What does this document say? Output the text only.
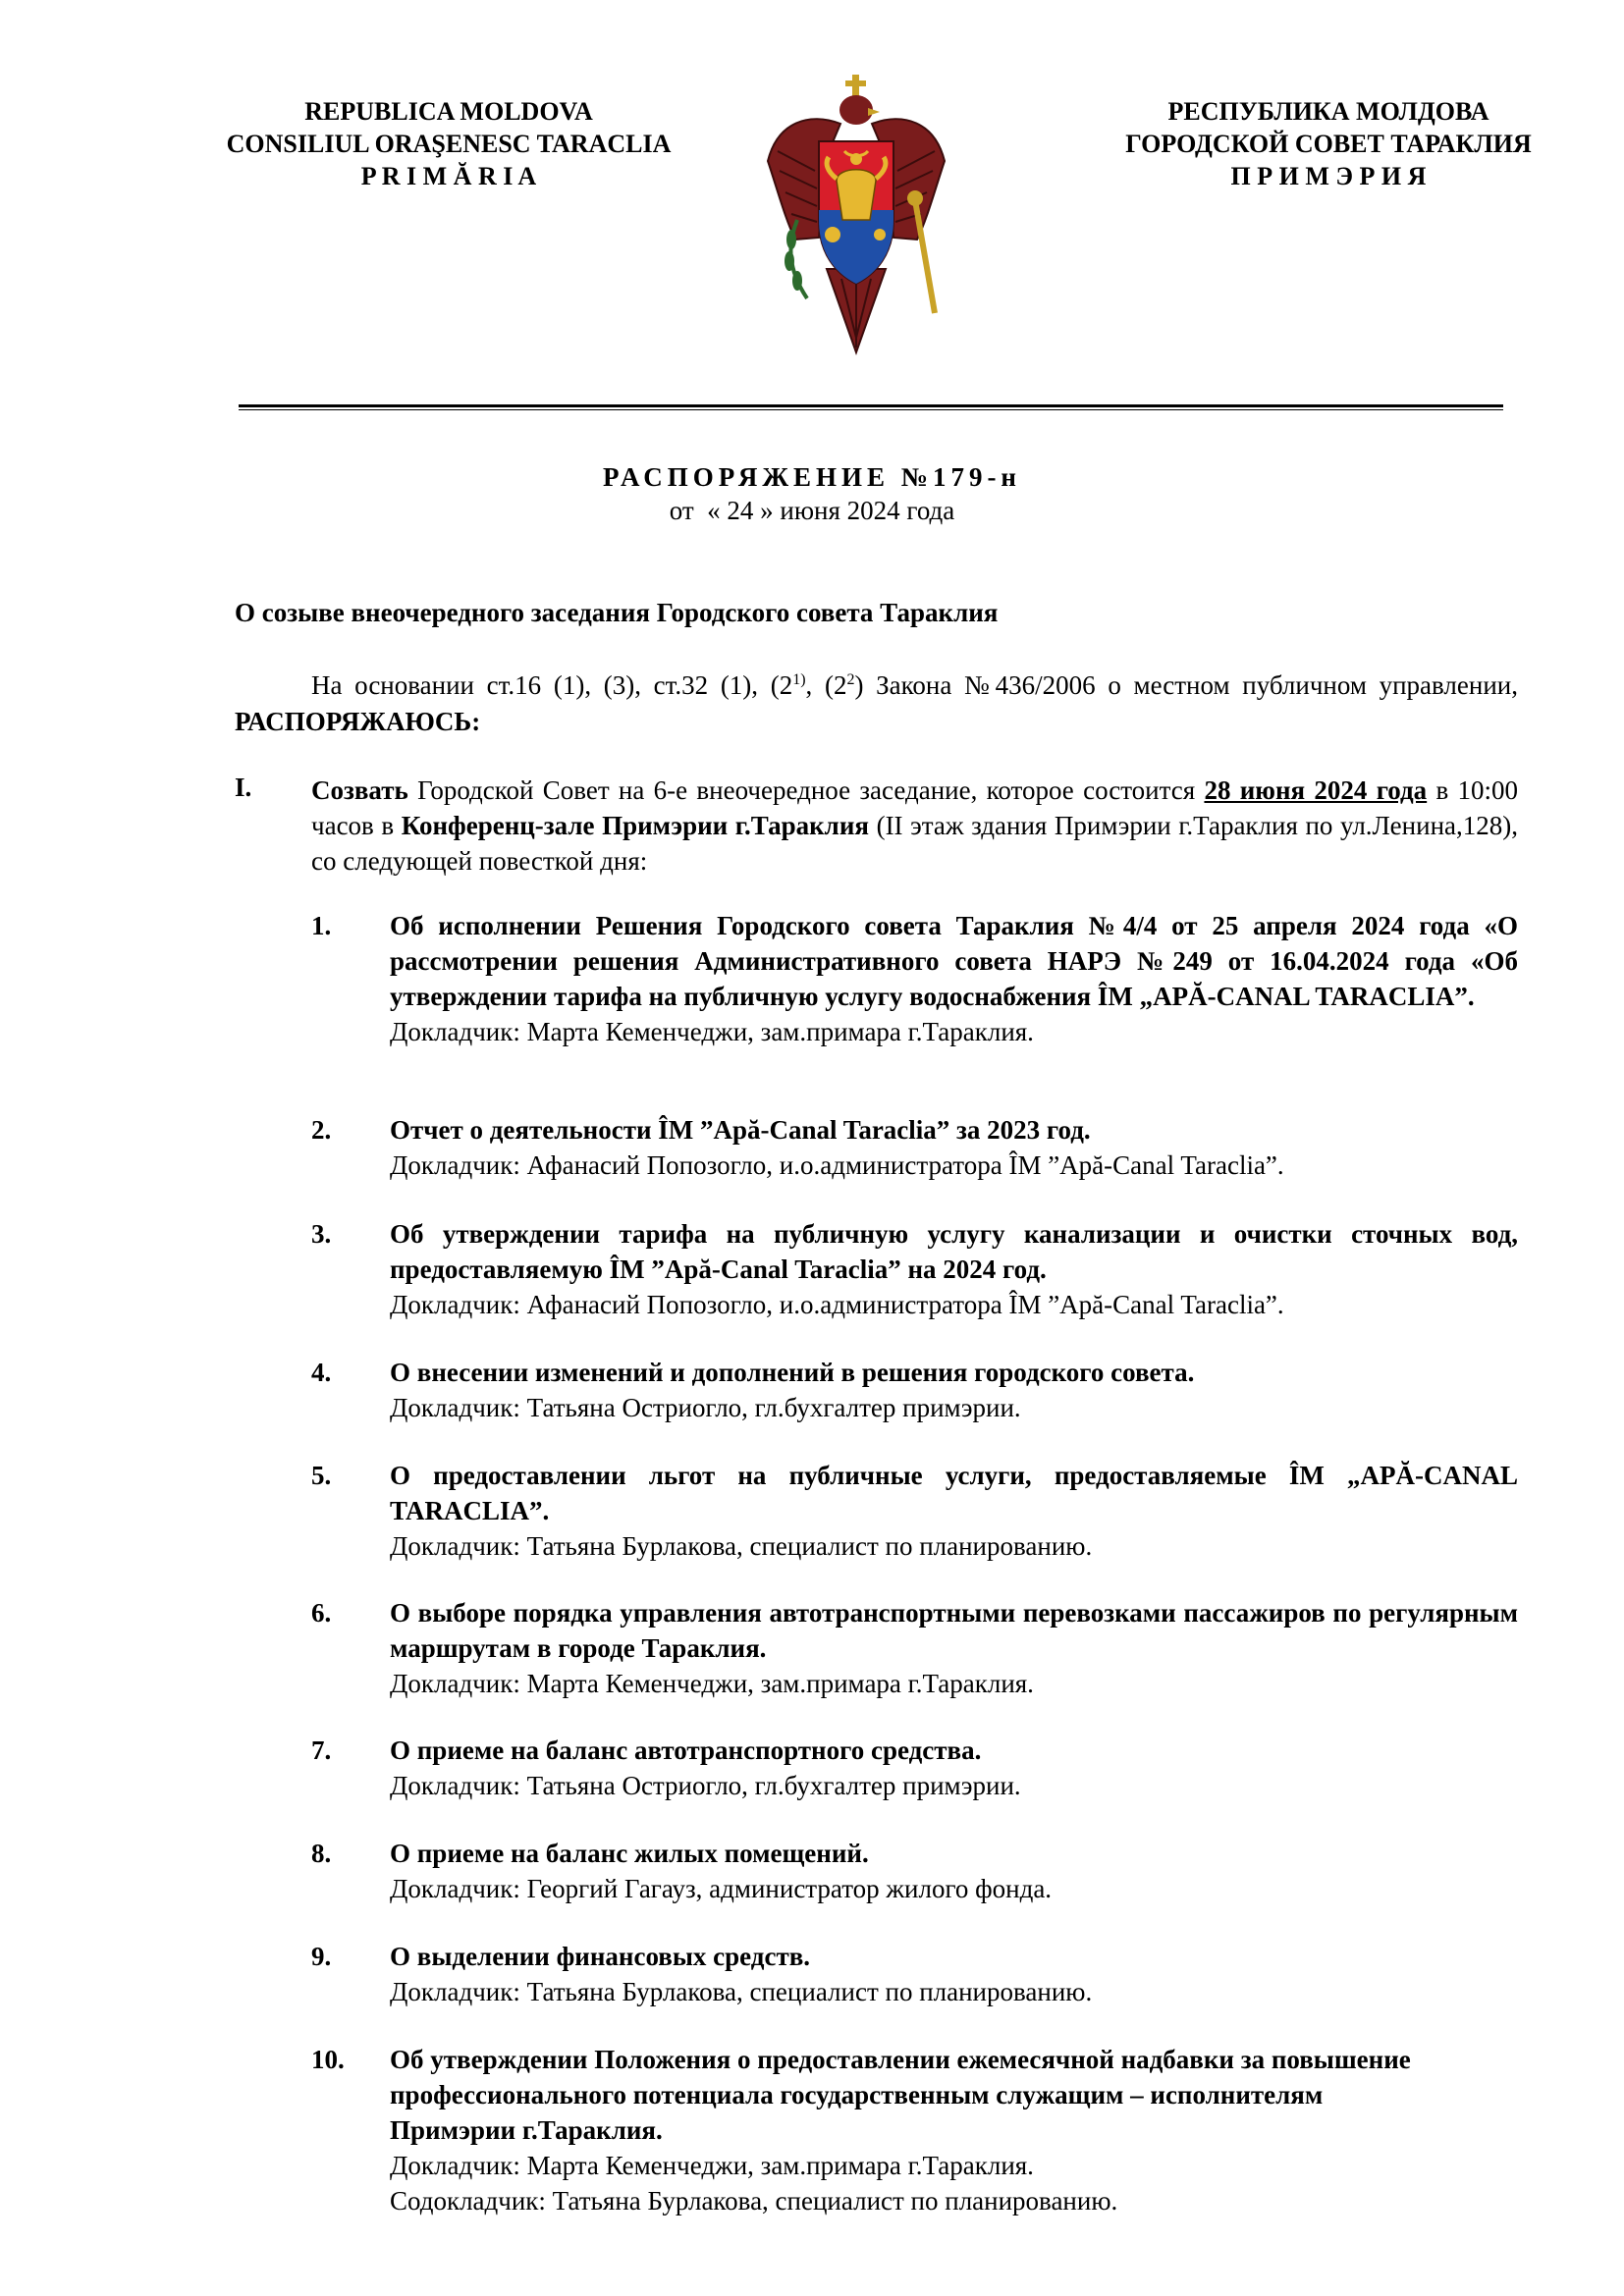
REPUBLICA MOLDOVA
CONSILIUL ORAŞENESC TARACLIA
P R I M Ă R I A
РЕСПУБЛИКА МОЛДОВА
ГОРОДСКОЙ СОВЕТ ТАРАКЛИЯ
П Р И М Э Р И Я
РАСПОРЯЖЕНИЕ №179-н
от  « 24 » июня 2024 года
О созыве внеочередного заседания Городского совета Тараклия
На основании ст.16 (1), (3), ст.32 (1), (2$^{1)}$, $(2^2)$ Закона №436/2006 о местном публичном управлении, РАСПОРЯЖАЮСЬ:
I. Созвать Городской Совет на 6-е внеочередное заседание, которое состоится 28 июня 2024 года в 10:00 часов в Конференц-зале Примэрии г.Тараклия (II этаж здания Примэрии г.Тараклия по ул.Ленина,128), со следующей повесткой дня:
1. Об исполнении Решения Городского совета Тараклия №4/4 от 25 апреля 2024 года «О рассмотрении решения Административного совета НАРЭ №249 от 16.04.2024 года «Об утверждении тарифа на публичную услугу водоснабжения ÎM „APĂ-CANAL TARACLIA”.
Докладчик: Марта Кеменчеджи, зам.примара г.Тараклия.
2. Отчет о деятельности ÎM ”Apă-Canal Taraclia” за 2023 год.
Докладчик: Афанасий Попозогло, и.о.администратора ÎM ”Apă-Canal Taraclia”.
3. Об утверждении тарифа на публичную услугу канализации и очистки сточных вод, предоставляемую ÎM ”Apă-Canal Taraclia” на 2024 год.
Докладчик: Афанасий Попозогло, и.о.администратора ÎM ”Apă-Canal Taraclia”.
4. О внесении изменений и дополнений в решения городского совета.
Докладчик: Татьяна Остриогло, гл.бухгалтер примэрии.
5. О предоставлении льгот на публичные услуги, предоставляемые ÎM „APĂ-CANAL TARACLIA”.
Докладчик: Татьяна Бурлакова, специалист по планированию.
6. О выборе порядка управления автотранспортными перевозками пассажиров по регулярным маршрутам в городе Тараклия.
Докладчик: Марта Кеменчеджи, зам.примара г.Тараклия.
7. О приеме на баланс автотранспортного средства.
Докладчик: Татьяна Остриогло, гл.бухгалтер примэрии.
8. О приеме на баланс жилых помещений.
Докладчик: Георгий Гагауз, администратор жилого фонда.
9. О выделении финансовых средств.
Докладчик: Татьяна Бурлакова, специалист по планированию.
10. Об утверждении Положения о предоставлении ежемесячной надбавки за повышение профессионального потенциала государственным служащим – исполнителям Примэрии г.Тараклия.
Докладчик: Марта Кеменчеджи, зам.примара г.Тараклия.
Содокладчик: Татьяна Бурлакова, специалист по планированию.
